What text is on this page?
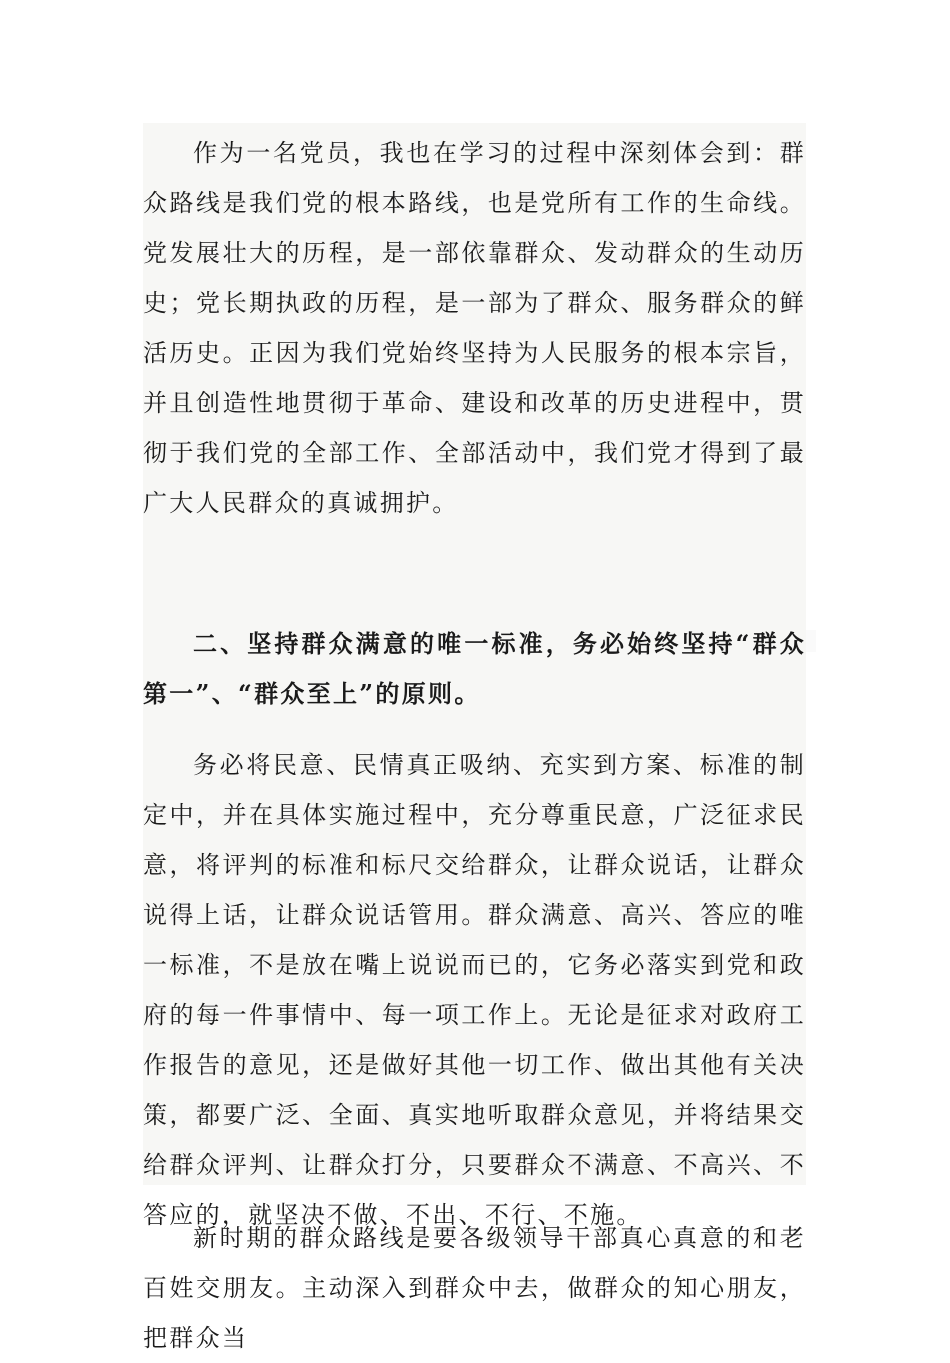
作为一名党员，我也在学习的过程中深刻体会到：群众路线是我们党的根本路线，也是党所有工作的生命线。党发展壮大的历程，是一部依靠群众、发动群众的生动历史；党长期执政的历程，是一部为了群众、服务群众的鲜活历史。正因为我们党始终坚持为人民服务的根本宗旨，并且创造性地贯彻于革命、建设和改革的历史进程中，贯彻于我们党的全部工作、全部活动中，我们党才得到了最广大人民群众的真诚拥护。

二、坚持群众满意的唯一标准，务必始终坚持“群众第一”、“群众至上”的原则。

务必将民意、民情真正吸纳、充实到方案、标准的制定中，并在具体实施过程中，充分尊重民意，广泛征求民意，将评判的标准和标尺交给群众，让群众说话，让群众说得上话，让群众说话管用。群众满意、高兴、答应的唯一标准，不是放在嘴上说说而已的，它务必落实到党和政府的每一件事情中、每一项工作上。无论是征求对政府工作报告的意见，还是做好其他一切工作、做出其他有关决策，都要广泛、全面、真实地听取群众意见，并将结果交给群众评判、让群众打分，只要群众不满意、不高兴、不答应的，就坚决不做、不出、不行、不施。

新时期的群众路线是要各级领导干部真心真意的和老百姓交朋友。主动深入到群众中去，做群众的知心朋友，把群众当
